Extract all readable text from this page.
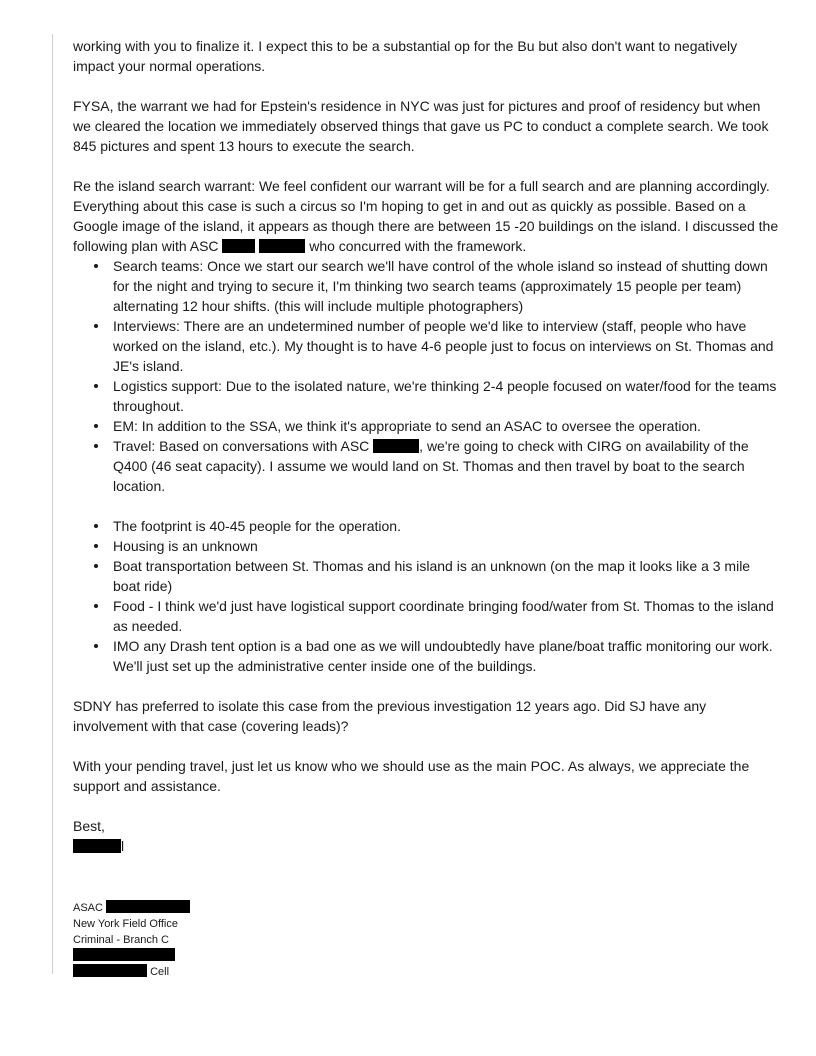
working with you to finalize it. I expect this to be a substantial op for the Bu but also don't want to negatively impact your normal operations.

FYSA, the warrant we had for Epstein's residence in NYC was just for pictures and proof of residency but when we cleared the location we immediately observed things that gave us PC to conduct a complete search. We took 845 pictures and spent 13 hours to execute the search.

Re the island search warrant: We feel confident our warrant will be for a full search and are planning accordingly. Everything about this case is such a circus so I'm hoping to get in and out as quickly as possible. Based on a Google image of the island, it appears as though there are between 15 -20 buildings on the island. I discussed the following plan with ASC	who concurred with the framework.
Search teams: Once we start our search we'll have control of the whole island so instead of shutting down for the night and trying to secure it, I'm thinking two search teams (approximately 15 people per team) alternating 12 hour shifts. (this will include multiple photographers)
Interviews: There are an undetermined number of people we'd like to interview (staff, people who have worked on the island, etc.). My thought is to have 4-6 people just to focus on interviews on St. Thomas and JE's island.
Logistics support: Due to the isolated nature, we're thinking 2-4 people focused on water/food for the teams throughout.
EM: In addition to the SSA, we think it's appropriate to send an ASAC to oversee the operation.
Travel: Based on conversations with ASC	, we're going to check with CIRG on availability of the Q400 (46 seat capacity). I assume we would land on St. Thomas and then travel by boat to the search location.
The footprint is 40-45 people for the operation.
Housing is an unknown
Boat transportation between St. Thomas and his island is an unknown (on the map it looks like a 3 mile boat ride)
Food - I think we'd just have logistical support coordinate bringing food/water from St. Thomas to the island as needed.
IMO any Drash tent option is a bad one as we will undoubtedly have plane/boat traffic monitoring our work. We'll just set up the administrative center inside one of the buildings.

SDNY has preferred to isolate this case from the previous investigation 12 years ago. Did SJ have any involvement with that case (covering leads)?

With your pending travel, just let us know who we should use as the main POC. As always, we appreciate the support and assistance.

Best,
l
ASAC
New York Field Office
Criminal - Branch C
Cell
